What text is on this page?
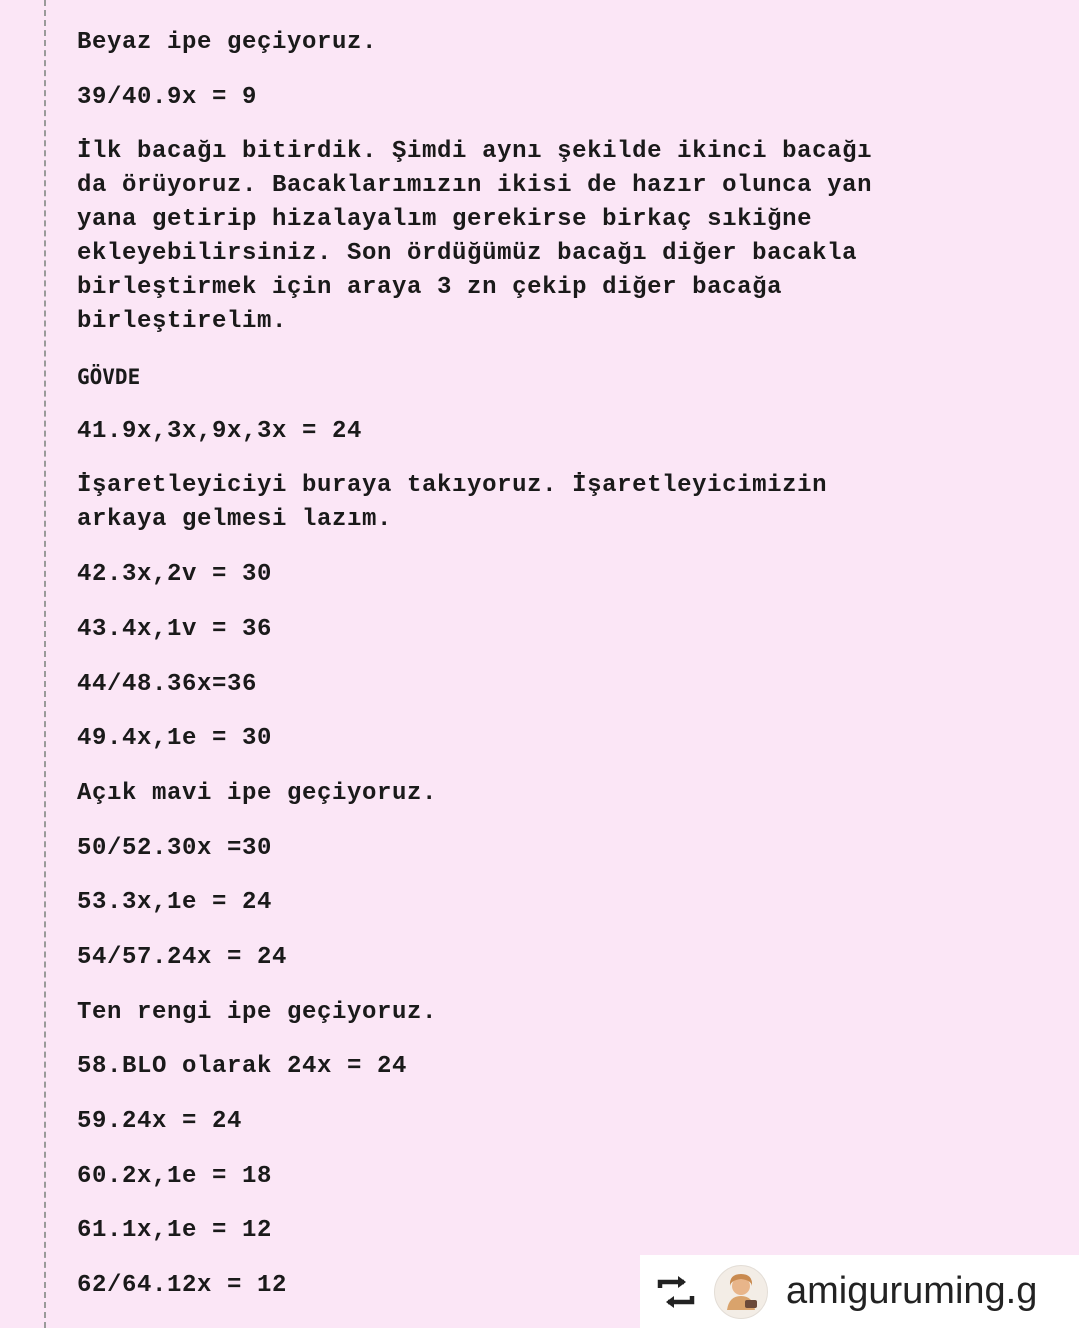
Beyaz ipe geçiyoruz.
39/40.9x = 9
İlk bacağı bitirdik. Şimdi aynı şekilde ikinci bacağı
da örüyoruz. Bacaklarımızın ikisi de hazır olunca yan
yana getirip hizalayalım gerekirse birkaç sıkiğne
ekleyebilirsiniz. Son ördüğümüz bacağı diğer bacakla
birleştirmek için araya 3 zn çekip diğer bacağa
birleştirelim.
GÖVDE
41.9x,3x,9x,3x = 24
İşaretleyiciyi buraya takıyoruz. İşaretleyicimizin
arkaya gelmesi lazım.
42.3x,2v = 30
43.4x,1v = 36
44/48.36x=36
49.4x,1e = 30
Açık mavi ipe geçiyoruz.
50/52.30x =30
53.3x,1e = 24
54/57.24x = 24
Ten rengi ipe geçiyoruz.
58.BLO olarak 24x = 24
59.24x = 24
60.2x,1e = 18
61.1x,1e = 12
62/64.12x = 12	amiguruming.g
